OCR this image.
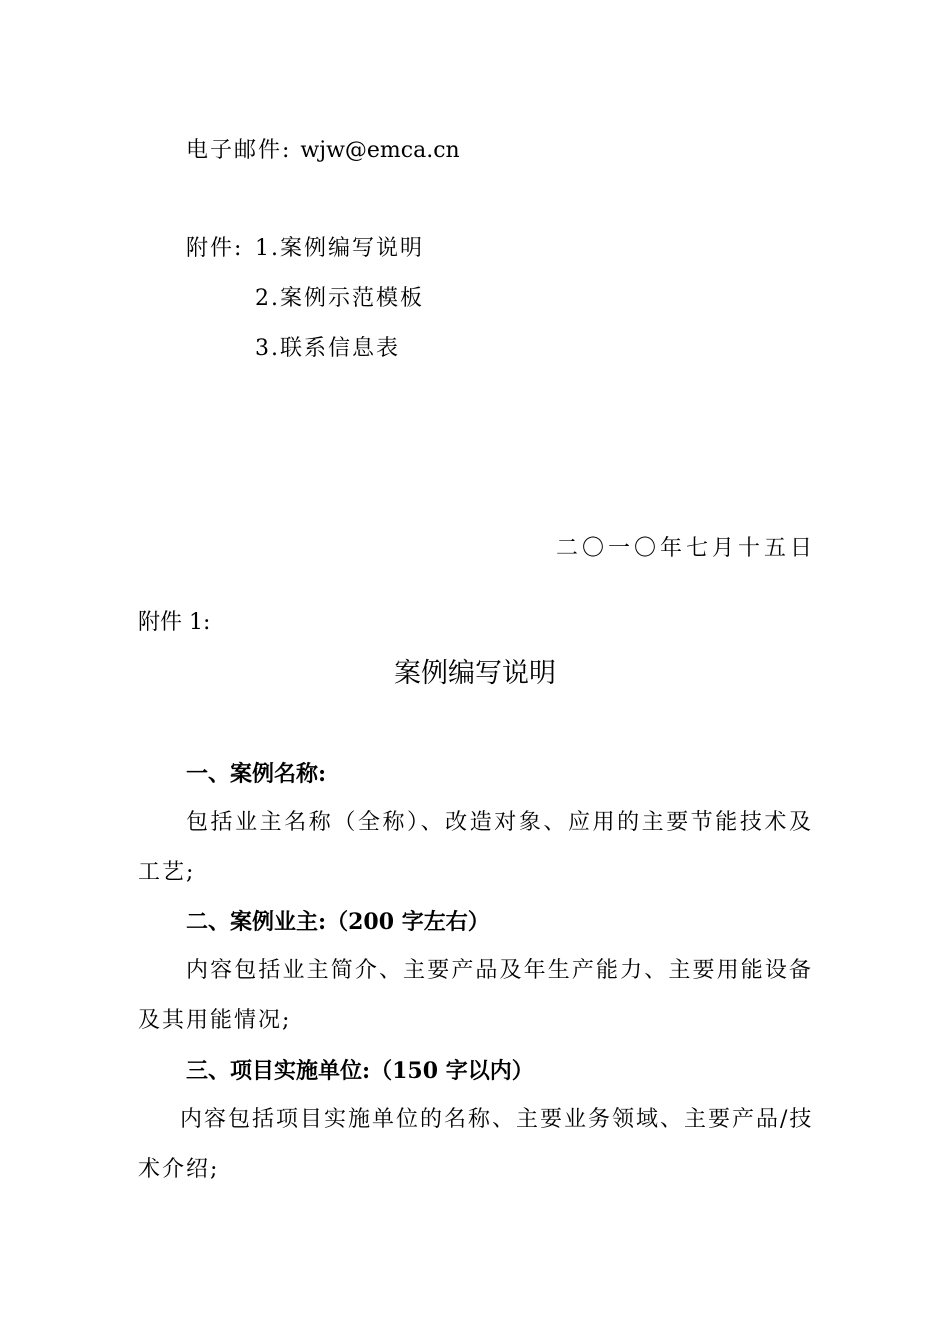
电子邮件: wjw@emca.cn
附件: 1.案例编写说明
2.案例示范模板
3.联系信息表
二〇一〇年七月十五日
附件 1:
案例编写说明
一、案例名称:
包括业主名称（全称）、改造对象、应用的主要节能技术及
工艺;
二、案例业主:（200 字左右）
内容包括业主简介、主要产品及年生产能力、主要用能设备
及其用能情况;
三、项目实施单位:（150 字以内）
内容包括项目实施单位的名称、主要业务领域、主要产品/技
术介绍;
